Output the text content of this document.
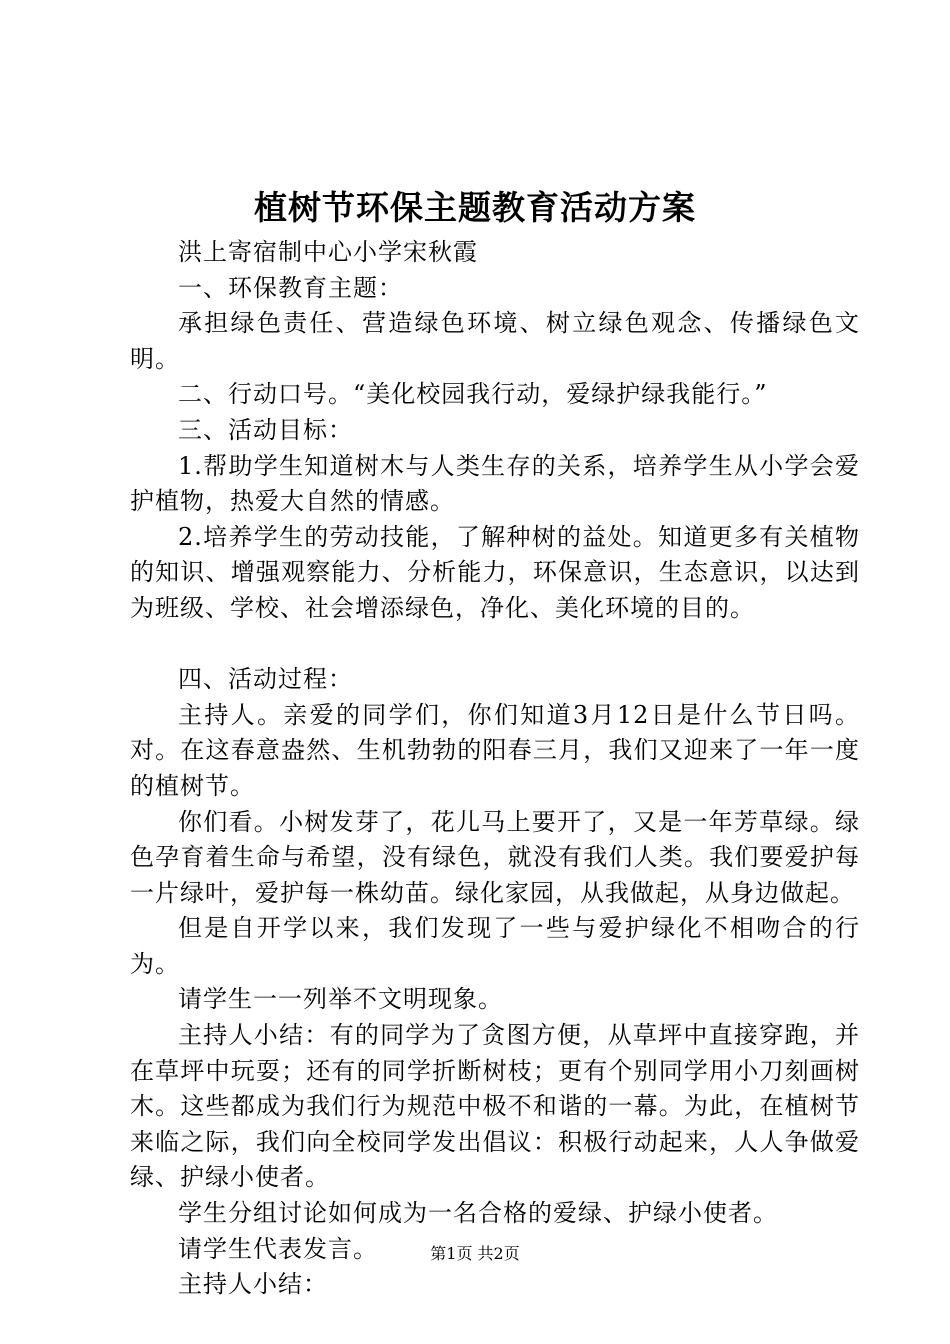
植树节环保主题教育活动方案

洪上寄宿制中心小学宋秋霞

一、环保教育主题：

承担绿色责任、营造绿色环境、树立绿色观念、传播绿色文明。

二、行动口号。“美化校园我行动，爱绿护绿我能行。”

三、活动目标：

1.帮助学生知道树木与人类生存的关系，培养学生从小学会爱护植物，热爱大自然的情感。

2.培养学生的劳动技能，了解种树的益处。知道更多有关植物的知识、增强观察能力、分析能力，环保意识，生态意识，以达到为班级、学校、社会增添绿色，净化、美化环境的目的。

四、活动过程：

主持人。亲爱的同学们，你们知道3月12日是什么节日吗。对。在这春意盎然、生机勃勃的阳春三月，我们又迎来了一年一度的植树节。

你们看。小树发芽了，花儿马上要开了，又是一年芳草绿。绿色孕育着生命与希望，没有绿色，就没有我们人类。我们要爱护每一片绿叶，爱护每一株幼苗。绿化家园，从我做起，从身边做起。

但是自开学以来，我们发现了一些与爱护绿化不相吻合的行为。

请学生一一列举不文明现象。

主持人小结：有的同学为了贪图方便，从草坪中直接穿跑，并在草坪中玩耍；还有的同学折断树枝；更有个别同学用小刀刻画树木。这些都成为我们行为规范中极不和谐的一幕。为此，在植树节来临之际，我们向全校同学发出倡议：积极行动起来，人人争做爱绿、护绿小使者。

学生分组讨论如何成为一名合格的爱绿、护绿小使者。

请学生代表发言。

主持人小结：

第1页 共2页
